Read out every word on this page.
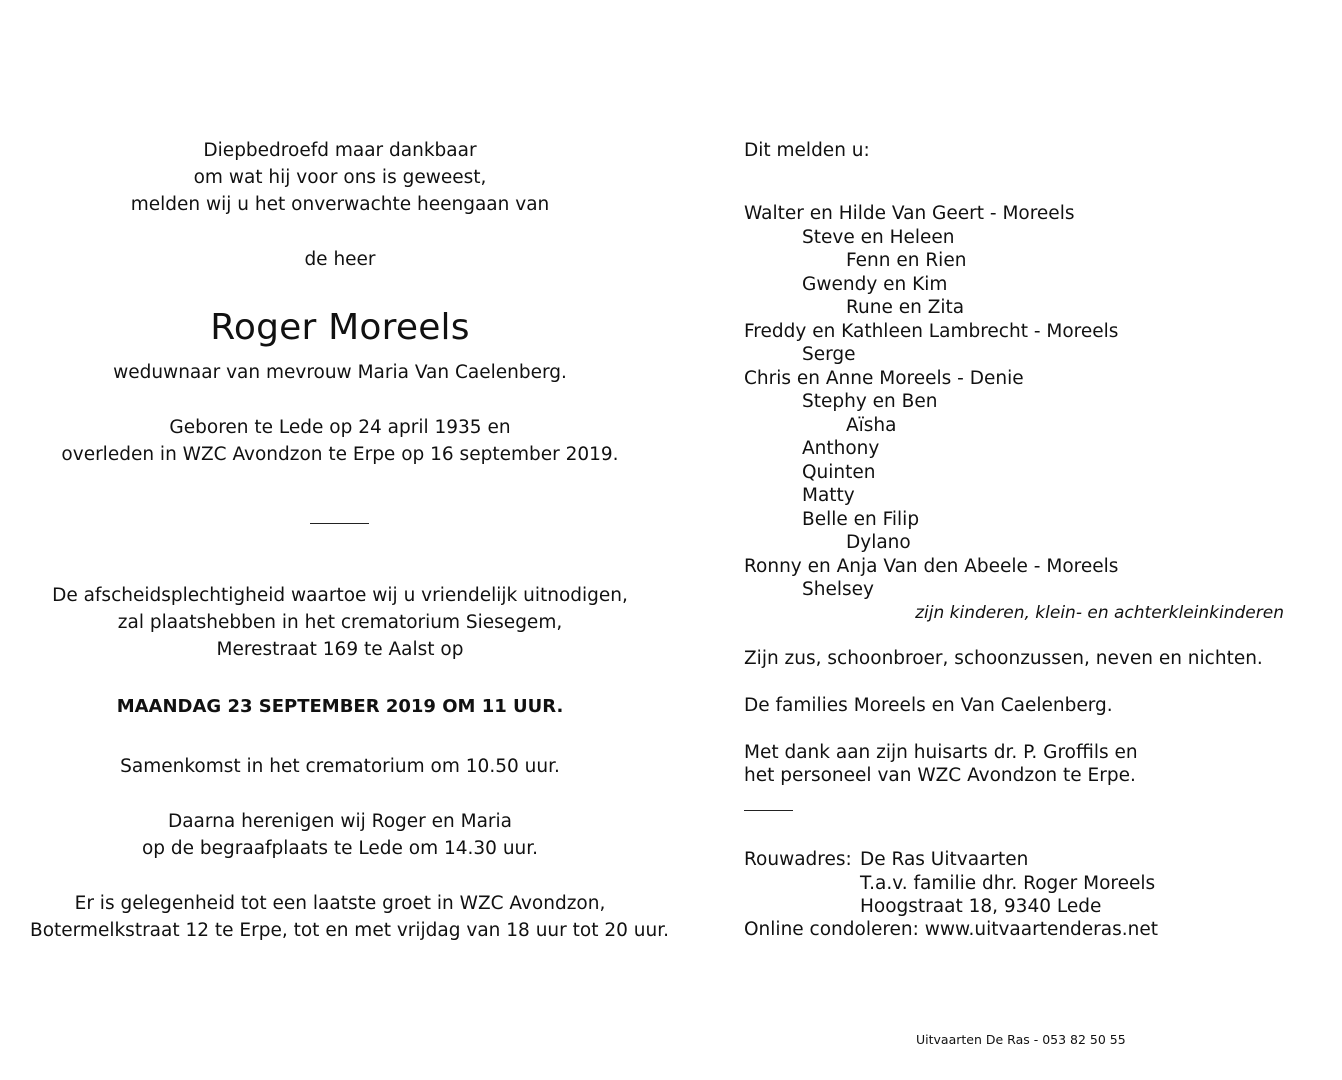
Diepbedroefd maar dankbaar
om wat hij voor ons is geweest,
melden wij u het onverwachte heengaan van
de heer
Roger Moreels
weduwnaar van mevrouw Maria Van Caelenberg.
Geboren te Lede op 24 april 1935 en
overleden in WZC Avondzon te Erpe op 16 september 2019.
De afscheidsplechtigheid waartoe wij u vriendelijk uitnodigen,
zal plaatshebben in het crematorium Siesegem,
Merestraat 169 te Aalst op
MAANDAG 23 SEPTEMBER 2019 OM 11 UUR.
Samenkomst in het crematorium om 10.50 uur.
Daarna herenigen wij Roger en Maria
op de begraafplaats te Lede om 14.30 uur.
Er is gelegenheid tot een laatste groet in WZC Avondzon,
Botermelkstraat 12 te Erpe, tot en met vrijdag van 18 uur tot 20 uur.
Dit melden u:
Walter en Hilde Van Geert - Moreels
Steve en Heleen
Fenn en Rien
Gwendy en Kim
Rune en Zita
Freddy en Kathleen Lambrecht - Moreels
Serge
Chris en Anne Moreels - Denie
Stephy en Ben
Aïsha
Anthony
Quinten
Matty
Belle en Filip
Dylano
Ronny en Anja Van den Abeele - Moreels
Shelsey
zijn kinderen, klein- en achterkleinkinderen
Zijn zus, schoonbroer, schoonzussen, neven en nichten.
De families Moreels en Van Caelenberg.
Met dank aan zijn huisarts dr. P. Groffils en
het personeel van WZC Avondzon te Erpe.
Rouwadres: De Ras Uitvaarten
T.a.v. familie dhr. Roger Moreels
Hoogstraat 18, 9340 Lede
Online condoleren: www.uitvaartenderas.net
Uitvaarten De Ras - 053 82 50 55
